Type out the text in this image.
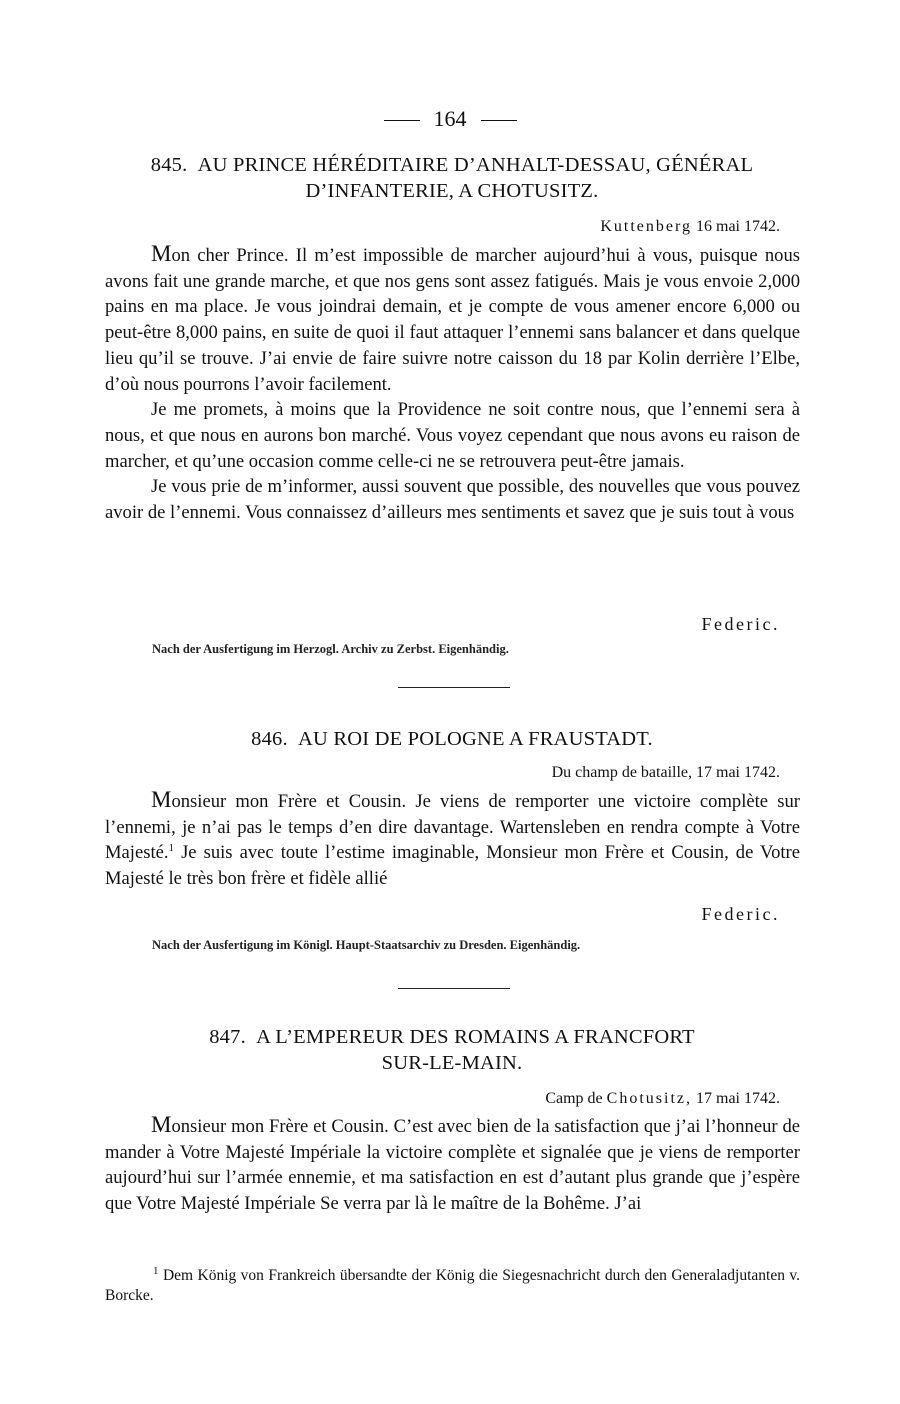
164
845. AU PRINCE HÉRÉDITAIRE D’ANHALT-DESSAU, GÉNÉRAL
D’INFANTERIE, A CHOTUSITZ.
Kuttenberg 16 mai 1742.

Mon cher Prince. Il m’est impossible de marcher aujourd’hui à vous, puisque nous avons fait une grande marche, et que nos gens sont assez fatigués. Mais je vous envoie 2,000 pains en ma place. Je vous joindrai demain, et je compte de vous amener encore 6,000 ou peut-être 8,000 pains, en suite de quoi il faut attaquer l’ennemi sans balancer et dans quelque lieu qu’il se trouve. J’ai envie de faire suivre notre caisson du 18 par Kolin derrière l’Elbe, d’où nous pourrons l’avoir facilement.

Je me promets, à moins que la Providence ne soit contre nous, que l’ennemi sera à nous, et que nous en aurons bon marché. Vous voyez cependant que nous avons eu raison de marcher, et qu’une occasion comme celle-ci ne se retrouvera peut-être jamais.

Je vous prie de m’informer, aussi souvent que possible, des nouvelles que vous pouvez avoir de l’ennemi. Vous connaissez d’ailleurs mes sentiments et savez que je suis tout à vous

Federic.
Nach der Ausfertigung im Herzogl. Archiv zu Zerbst. Eigenhändig.
846. AU ROI DE POLOGNE A FRAUSTADT.
Du champ de bataille, 17 mai 1742.

Monsieur mon Frère et Cousin. Je viens de remporter une victoire complète sur l’ennemi, je n’ai pas le temps d’en dire davantage. Wartensleben en rendra compte à Votre Majesté.$^1$ Je suis avec toute l’estime imaginable, Monsieur mon Frère et Cousin, de Votre Majesté le très bon frère et fidèle allié

Federic.
Nach der Ausfertigung im Königl. Haupt-Staatsarchiv zu Dresden. Eigenhändig.
847. A L’EMPEREUR DES ROMAINS A FRANCFORT
SUR-LE-MAIN.
Camp de Chotusitz, 17 mai 1742.

Monsieur mon Frère et Cousin. C’est avec bien de la satisfaction que j’ai l’honneur de mander à Votre Majesté Impériale la victoire complète et signalée que je viens de remporter aujourd’hui sur l’armée ennemie, et ma satisfaction en est d’autant plus grande que j’espère que Votre Majesté Impériale Se verra par là le maître de la Bohême. J’ai

$^1$ Dem König von Frankreich übersandte der König die Siegesnachricht durch den Generaladjutanten v. Borcke.
